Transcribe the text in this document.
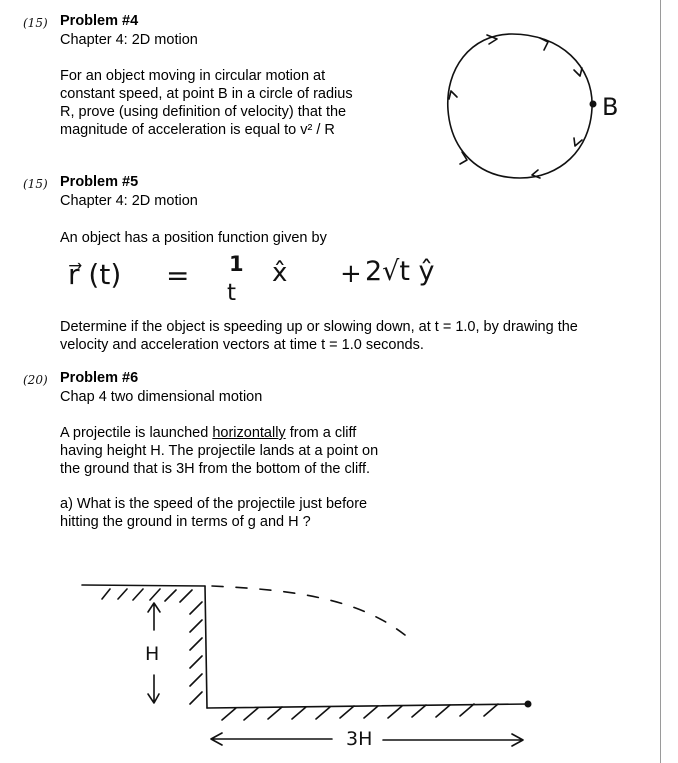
(15) Problem #4
Chapter 4: 2D motion
For an object moving in circular motion at
constant speed, at point B in a circle of radius
R, prove (using definition of velocity) that the
magnitude of acceleration is equal to v² / R
(15) Problem #5
Chapter 4: 2D motion
An object has a position function given by
r⃗ (t) = 1
t
x̂ + 2√t ŷ
Determine if the object is speeding up or slowing down, at t = 1.0, by drawing the
velocity and acceleration vectors at time t = 1.0 seconds.
(20) Problem #6
Chap 4 two dimensional motion
A projectile is launched horizontally from a cliff
having height H. The projectile lands at a point on
the ground that is 3H from the bottom of the cliff.
a) What is the speed of the projectile just before
hitting the ground in terms of g and H ?
B
H
3H
